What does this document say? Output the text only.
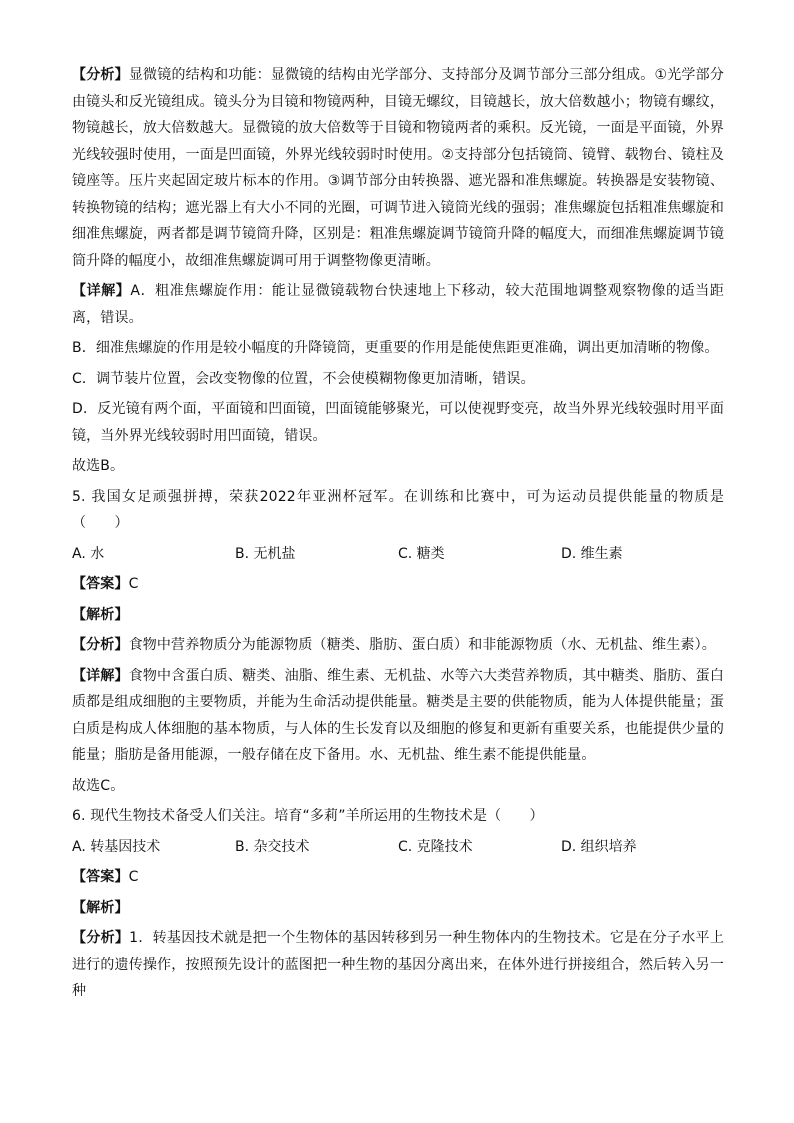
【分析】显微镜的结构和功能：显微镜的结构由光学部分、支持部分及调节部分三部分组成。①光学部分由镜头和反光镜组成。镜头分为目镜和物镜两种，目镜无螺纹，目镜越长，放大倍数越小；物镜有螺纹，物镜越长，放大倍数越大。显微镜的放大倍数等于目镜和物镜两者的乘积。反光镜，一面是平面镜，外界光线较强时使用，一面是凹面镜，外界光线较弱时时使用。②支持部分包括镜筒、镜臂、载物台、镜柱及镜座等。压片夹起固定玻片标本的作用。③调节部分由转换器、遮光器和准焦螺旋。转换器是安装物镜、转换物镜的结构；遮光器上有大小不同的光圈，可调节进入镜筒光线的强弱；准焦螺旋包括粗准焦螺旋和细准焦螺旋，两者都是调节镜筒升降，区别是：粗准焦螺旋调节镜筒升降的幅度大，而细准焦螺旋调节镜筒升降的幅度小，故细准焦螺旋调可用于调整物像更清晰。

【详解】A．粗准焦螺旋作用：能让显微镜载物台快速地上下移动，较大范围地调整观察物像的适当距离，错误。

B．细准焦螺旋的作用是较小幅度的升降镜筒，更重要的作用是能使焦距更准确，调出更加清晰的物像。

C．调节装片位置，会改变物像的位置，不会使模糊物像更加清晰，错误。

D．反光镜有两个面，平面镜和凹面镜，凹面镜能够聚光，可以使视野变亮，故当外界光线较强时用平面镜，当外界光线较弱时用凹面镜，错误。

故选B。

5. 我国女足顽强拼搏，荣获2022年亚洲杯冠军。在训练和比赛中，可为运动员提供能量的物质是（　　）

A. 水	B. 无机盐	C. 糖类	D. 维生素

【答案】C

【解析】

【分析】食物中营养物质分为能源物质（糖类、脂肪、蛋白质）和非能源物质（水、无机盐、维生素）。

【详解】食物中含蛋白质、糖类、油脂、维生素、无机盐、水等六大类营养物质，其中糖类、脂肪、蛋白质都是组成细胞的主要物质，并能为生命活动提供能量。糖类是主要的供能物质，能为人体提供能量；蛋白质是构成人体细胞的基本物质，与人体的生长发育以及细胞的修复和更新有重要关系，也能提供少量的能量；脂肪是备用能源，一般存储在皮下备用。水、无机盐、维生素不能提供能量。

故选C。

6. 现代生物技术备受人们关注。培育“多莉”羊所运用的生物技术是（　　）

A. 转基因技术	B. 杂交技术	C. 克隆技术	D. 组织培养

【答案】C

【解析】

【分析】1．转基因技术就是把一个生物体的基因转移到另一种生物体内的生物技术。它是在分子水平上进行的遗传操作，按照预先设计的蓝图把一种生物的基因分离出来，在体外进行拼接组合，然后转入另一种
